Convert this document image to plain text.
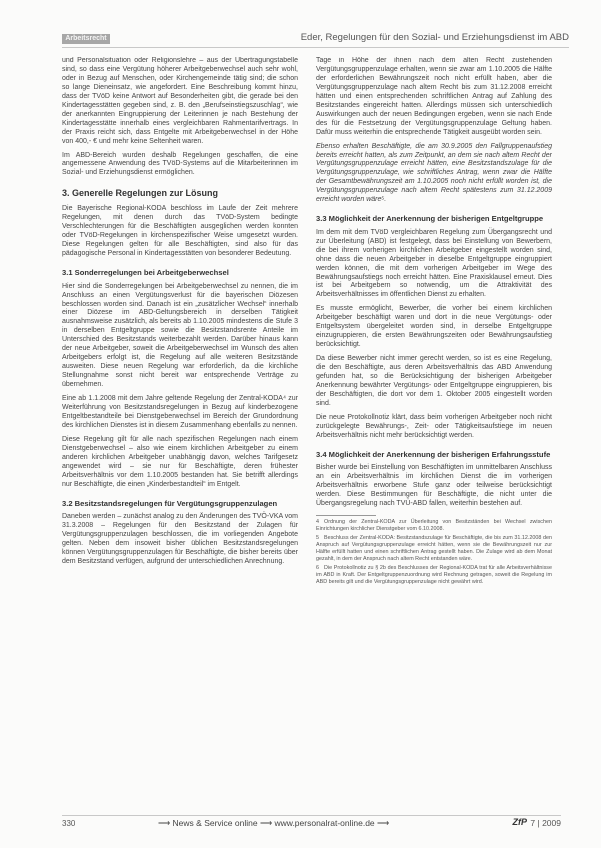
Arbeitsrecht	Eder, Regelungen für den Sozial- und Erziehungsdienst im ABD

und Personalsituation oder Religionslehre – aus der Übertragungstabelle sind, so dass eine Vergütung höherer Arbeitgeberwechsel auch sehr wohl, oder in Bezug auf Menschen, oder Kirchengemeinde tätig sind; die schon so lange Dieneinsatz, wie angefordert. Eine Beschreibung kommt hinzu, dass der TVöD keine Antwort auf Besonderheiten gibt, die gerade bei den Kindertagesstätten gegeben sind, z. B. den „Berufseinstiegszuschlag“, wie der anerkannten Eingruppierung der Leiterinnen je nach Bestehung der Kindertagesstätte innerhalb eines vergleichbaren Rahmentarifvertrags. In der Praxis reicht sich, dass Entgelte mit Arbeitgeberwechsel in der Höhe von 400,- € und mehr keine Seltenheit waren.

Im ABD-Bereich wurden deshalb Regelungen geschaffen, die eine angemessene Anwendung des TVöD-Systems auf die Mitarbeiterinnen im Sozial- und Erziehungsdienst ermöglichen.

3. Generelle Regelungen zur Lösung

Die Bayerische Regional-KODA beschloss im Laufe der Zeit mehrere Regelungen, mit denen durch das TVöD-System bedingte Verschlechterungen für die Beschäftigten ausgeglichen werden konnten oder TVöD-Regelungen in kirchenspezifischer Weise umgesetzt wurden. Diese Regelungen gelten für alle Beschäftigten, sind also für das pädagogische Personal in Kindertagesstätten von besonderer Bedeutung.

3.1 Sonderregelungen bei Arbeitgeberwechsel

Hier sind die Sonderregelungen bei Arbeitgeberwechsel zu nennen, die im Anschluss an einen Vergütungsverlust für die bayerischen Diözesen beschlossen worden sind. Danach ist ein „zusätzlicher Wechsel“ innerhalb einer Diözese im ABD-Geltungsbereich in derselben Tätigkeit ausnahmsweise zusätzlich, als bereits ab 1.10.2005 mindestens die Stufe 3 in derselben Entgeltgruppe sowie die Besitzstandsrente Anteile im Unterschied des Besitzstands weiterbezahlt werden. Darüber hinaus kann der neue Arbeitgeber, soweit die Arbeitgeberwechsel im Wunsch des alten Arbeitgebers erfolgt ist, die Regelung auf alle weiteren Besitzstände ausweiten. Diese neuen Regelung war erforderlich, da die kirchliche Stellungnahme sonst nicht bereit war entsprechende Verträge zu übernehmen.

Eine ab 1.1.2008 mit dem Jahre geltende Regelung der Zentral-KODA⁴ zur Weiterführung von Besitzstandsregelungen in Bezug auf kinderbezogene Entgeltbestandteile bei Dienstgeberwechsel im Bereich der Grundordnung des kirchlichen Dienstes ist in diesem Zusammenhang ebenfalls zu nennen.

Diese Regelung gilt für alle nach spezifischen Regelungen nach einem Dienstgeberwechsel – also wie einem kirchlichen Arbeitgeber zu einem anderen kirchlichen Arbeitgeber unabhängig davon, welches Tarifgesetz angewendet wird – sie nur für Beschäftigte, deren frühester Arbeitsverhältnis vor dem 1.10.2005 bestanden hat. Sie betrifft allerdings nur Beschäftigte, die einen „Kinderbestandteil“ im Entgelt.

3.2 Besitzstandsregelungen für Vergütungsgruppenzulagen

Daneben werden – zunächst analog zu den Änderungen des TVÖ-VKA vom 31.3.2008 – Regelungen für den Besitzstand der Zulagen für Vergütungsgruppenzulagen beschlossen, die im vorliegenden Angebote gelten. Neben dem insoweit bisher üblichen Besitzstandsregelungen können Vergütungsgruppenzulagen für Beschäftigte, die bisher bereits über dem Besitzstand verfügen, aufgrund der unterschiedlichen Anrechnung.

Tage in Höhe der ihnen nach dem alten Recht zustehenden Vergütungsgruppenzulage erhalten, wenn sie zwar am 1.10.2005 die Hälfte der erforderlichen Bewährungszeit noch nicht erfüllt haben, aber die Vergütungsgruppenzulage nach altem Recht bis zum 31.12.2008 erreicht hätten und einen entsprechenden schriftlichen Antrag auf Zahlung des Besitzstandes eingereicht hatten. Allerdings müssen sich unterschiedlich Auswirkungen auch der neuen Bedingungen ergeben, wenn sie nach Ende des für die Festsetzung der Vergütungsgruppenzulage Geltung haben. Dafür muss weiterhin die entsprechende Tätigkeit ausgeübt worden sein.

Ebenso erhalten Beschäftigte, die am 30.9.2005 den Fallgruppenaufstieg bereits erreicht hatten, als zum Zeitpunkt, an dem sie nach altem Recht der Vergütungsgruppenzulage erreicht hätten, eine Besitzstandszulage für die Vergütungsgruppenzulage, wie schriftliches Antrag, wenn zwar die Hälfte der Gesamtbewährungszeit am 1.10.2005 noch nicht erfüllt worden ist, die Vergütungsgruppenzulage nach altem Recht spätestens zum 31.12.2009 erreicht worden wäre⁵.

3.3 Möglichkeit der Anerkennung der bisherigen Entgeltgruppe

Im dem mit dem TVöD vergleichbaren Regelung zum Übergangsrecht und zur Überleitung (ABD) ist festgelegt, dass bei Einstellung von Bewerbern, die bei ihrem vorherigen kirchlichen Arbeitgeber eingestellt worden sind, ohne dass die neuen Arbeitgeber in dieselbe Entgeltgruppe eingruppiert werden können, die mit dem vorherigen Arbeitgeber im Wege des Bewährungsaufstiegs noch erreicht hätten. Eine Praxisklausel erneut. Dies ist bei Arbeitgebern so notwendig, um die Attraktivität des Arbeitsverhältnisses im öffentlichen Dienst zu erhalten.

Es musste ermöglicht, Bewerber, die vorher bei einem kirchlichen Arbeitgeber beschäftigt waren und dort in die neue Vergütungs- oder Entgeltsystem übergeleitet worden sind, in derselbe Entgeltgruppe einzugruppieren, die ersten Bewährungszeiten oder Bewährungsaufstieg berücksichtigt.

Da diese Bewerber nicht immer gerecht werden, so ist es eine Regelung, die den Beschäftigte, aus deren Arbeitsverhältnis das ABD Anwendung gefunden hat, so die Berücksichtigung der bisherigen Arbeitgeber Anerkennung bewährter Vergütungs- oder Entgeltgruppe eingruppieren, bis der Beschäftigten, die dort vor dem 1. Oktober 2005 eingestellt worden sind.

Die neue Protokollnotiz klärt, dass beim vorherigen Arbeitgeber noch nicht zurückgelegte Bewährungs-, Zeit- oder Tätigkeitsaufstiege im neuen Arbeitsverhältnis nicht mehr berücksichtigt werden.

3.4 Möglichkeit der Anerkennung der bisherigen Erfahrungsstufe

Bisher wurde bei Einstellung von Beschäftigten im unmittelbaren Anschluss an ein Arbeitsverhältnis im kirchlichen Dienst die im vorherigen Arbeitsverhältnis erworbene Stufe ganz oder teilweise berücksichtigt werden. Diese Bestimmungen für Beschäftigte, die nicht unter die Übergangsregelung nach TVÜ-ABD fallen, weiterhin bestehen auf.

4 Ordnung der Zentral-KODA zur Überleitung von Besitzständen bei Wechsel zwischen Einrichtungen kirchlicher Dienstgeber vom 6.10.2008.
5 Beschluss der Zentral-KODA: Besitzstandszulage für Beschäftigte, die bis zum 31.12.2008 den Anspruch auf Vergütungsgruppenzulage erreicht hätten, wenn sie die Bewährungszeit nur zur Hälfte erfüllt hatten und einen schriftlichen Antrag gestellt haben. Die Zulage wird ab dem Monat gezahlt, in dem der Anspruch nach altem Recht entstanden wäre.
6 Die Protokollnotiz zu § 2b des Beschlusses der Regional-KODA trat für alle Arbeitsverhältnisse im ABD in Kraft. Der Entgeltgruppenzuordnung wird Rechnung getragen, soweit die Regelung im ABD bereits gilt und die Vergütungsgruppenzulage nicht gewährt wird.
330	⟶ News & Service online ⟶ www.personalrat-online.de ⟶	ZfP 7 | 2009
